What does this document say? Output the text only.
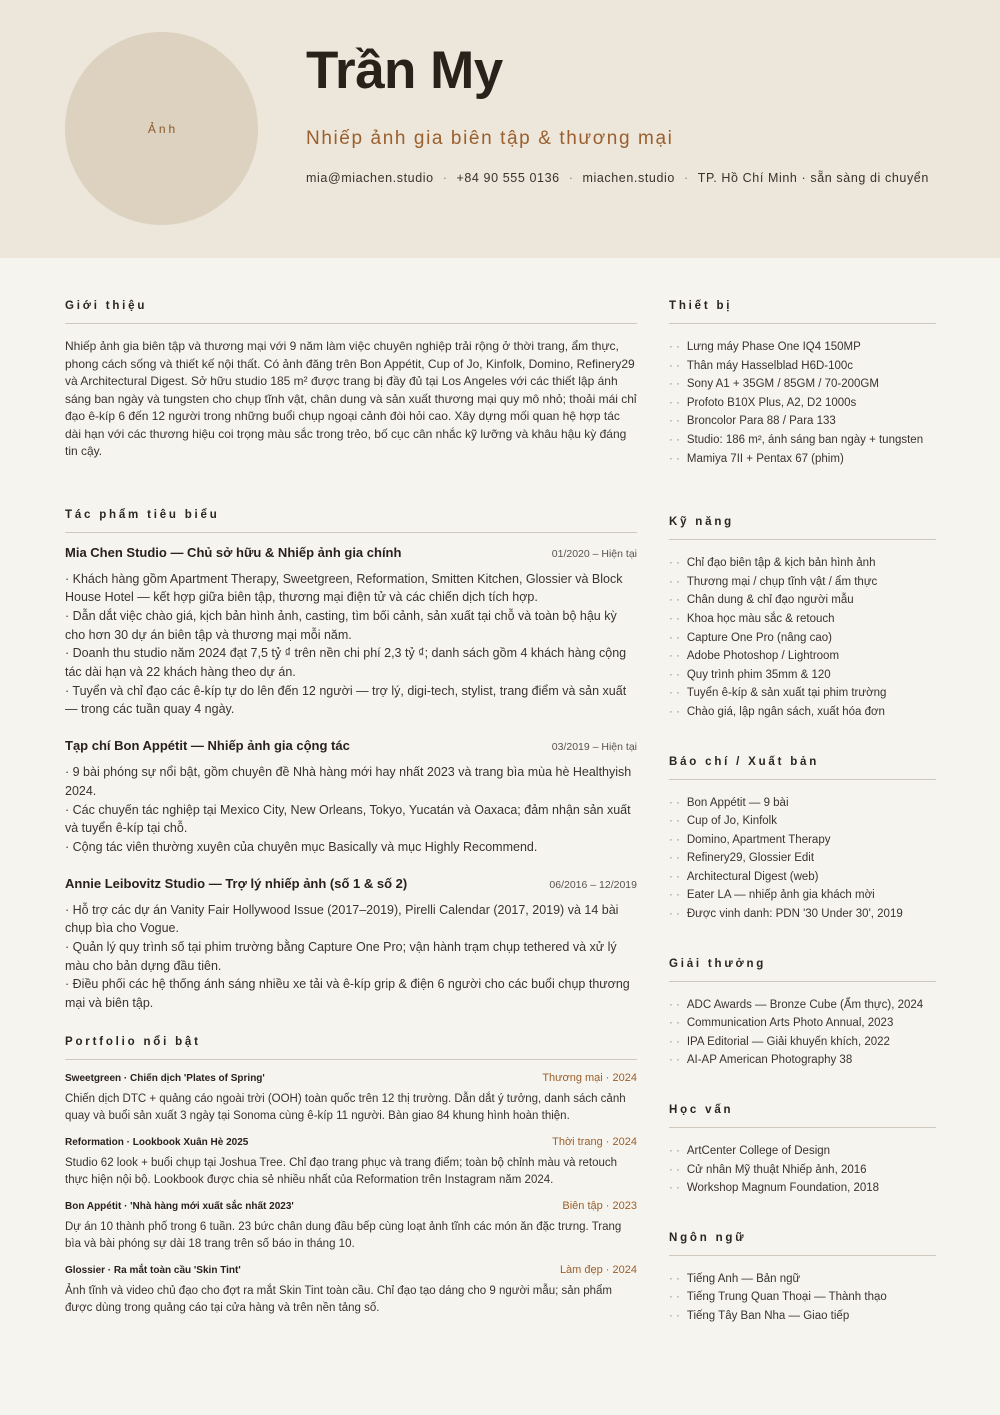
Ảnh
Trần My
Nhiếp ảnh gia biên tập & thương mại
mia@miachen.studio · +84 90 555 0136 · miachen.studio · TP. Hồ Chí Minh · sẵn sàng di chuyển
Giới thiệu

Nhiếp ảnh gia biên tập và thương mại với 9 năm làm việc chuyên nghiệp trải rộng ở thời trang, ẩm thực, phong cách sống và thiết kế nội thất. Có ảnh đăng trên Bon Appétit, Cup of Jo, Kinfolk, Domino, Refinery29 và Architectural Digest. Sở hữu studio 185 m² được trang bị đầy đủ tại Los Angeles với các thiết lập ánh sáng ban ngày và tungsten cho chụp tĩnh vật, chân dung và sản xuất thương mại quy mô nhỏ; thoải mái chỉ đạo ê-kíp 6 đến 12 người trong những buổi chụp ngoại cảnh đòi hỏi cao. Xây dựng mối quan hệ hợp tác dài hạn với các thương hiệu coi trọng màu sắc trong trẻo, bố cục cân nhắc kỹ lưỡng và khâu hậu kỳ đáng tin cậy.

Tác phẩm tiêu biểu
Mia Chen Studio — Chủ sở hữu & Nhiếp ảnh gia chính	01/2020 – Hiện tại
· Khách hàng gồm Apartment Therapy, Sweetgreen, Reformation, Smitten Kitchen, Glossier và Block House Hotel — kết hợp giữa biên tập, thương mại điện tử và các chiến dịch tích hợp.
· Dẫn dắt việc chào giá, kịch bản hình ảnh, casting, tìm bối cảnh, sản xuất tại chỗ và toàn bộ hậu kỳ cho hơn 30 dự án biên tập và thương mại mỗi năm.
· Doanh thu studio năm 2024 đạt 7,5 tỷ ₫ trên nền chi phí 2,3 tỷ ₫; danh sách gồm 4 khách hàng cộng tác dài hạn và 22 khách hàng theo dự án.
· Tuyển và chỉ đạo các ê-kíp tự do lên đến 12 người — trợ lý, digi-tech, stylist, trang điểm và sản xuất — trong các tuần quay 4 ngày.
Tạp chí Bon Appétit — Nhiếp ảnh gia cộng tác	03/2019 – Hiện tại
· 9 bài phóng sự nổi bật, gồm chuyên đề Nhà hàng mới hay nhất 2023 và trang bìa mùa hè Healthyish 2024.
· Các chuyến tác nghiệp tại Mexico City, New Orleans, Tokyo, Yucatán và Oaxaca; đảm nhận sản xuất và tuyển ê-kíp tại chỗ.
· Cộng tác viên thường xuyên của chuyên mục Basically và mục Highly Recommend.
Annie Leibovitz Studio — Trợ lý nhiếp ảnh (số 1 & số 2)	06/2016 – 12/2019
· Hỗ trợ các dự án Vanity Fair Hollywood Issue (2017–2019), Pirelli Calendar (2017, 2019) và 14 bài chụp bìa cho Vogue.
· Quản lý quy trình số tại phim trường bằng Capture One Pro; vận hành trạm chụp tethered và xử lý màu cho bản dựng đầu tiên.
· Điều phối các hệ thống ánh sáng nhiều xe tải và ê-kíp grip & điện 6 người cho các buổi chụp thương mại và biên tập.
Portfolio nổi bật
Sweetgreen · Chiến dịch 'Plates of Spring'	Thương mại · 2024

Chiến dịch DTC + quảng cáo ngoài trời (OOH) toàn quốc trên 12 thị trường. Dẫn dắt ý tưởng, danh sách cảnh quay và buổi sản xuất 3 ngày tại Sonoma cùng ê-kíp 11 người. Bàn giao 84 khung hình hoàn thiện.

Reformation · Lookbook Xuân Hè 2025	Thời trang · 2024

Studio 62 look + buổi chụp tại Joshua Tree. Chỉ đạo trang phục và trang điểm; toàn bộ chỉnh màu và retouch thực hiện nội bộ. Lookbook được chia sẻ nhiều nhất của Reformation trên Instagram năm 2024.

Bon Appétit · 'Nhà hàng mới xuất sắc nhất 2023'	Biên tập · 2023

Dự án 10 thành phố trong 6 tuần. 23 bức chân dung đầu bếp cùng loạt ảnh tĩnh các món ăn đặc trưng. Trang bìa và bài phóng sự dài 18 trang trên số báo in tháng 10.

Glossier · Ra mắt toàn cầu 'Skin Tint'	Làm đẹp · 2024

Ảnh tĩnh và video chủ đạo cho đợt ra mắt Skin Tint toàn cầu. Chỉ đạo tạo dáng cho 9 người mẫu; sản phẩm được dùng trong quảng cáo tại cửa hàng và trên nền tảng số.

Thiết bị
· · Lưng máy Phase One IQ4 150MP
· · Thân máy Hasselblad H6D-100c
· · Sony A1 + 35GM / 85GM / 70-200GM
· · Profoto B10X Plus, A2, D2 1000s
· · Broncolor Para 88 / Para 133
· · Studio: 186 m², ánh sáng ban ngày + tungsten
· · Mamiya 7II + Pentax 67 (phim)
Kỹ năng
· · Chỉ đạo biên tập & kịch bản hình ảnh
· · Thương mại / chụp tĩnh vật / ẩm thực
· · Chân dung & chỉ đạo người mẫu
· · Khoa học màu sắc & retouch
· · Capture One Pro (nâng cao)
· · Adobe Photoshop / Lightroom
· · Quy trình phim 35mm & 120
· · Tuyển ê-kíp & sản xuất tại phim trường
· · Chào giá, lập ngân sách, xuất hóa đơn
Báo chí / Xuất bản
· · Bon Appétit — 9 bài
· · Cup of Jo, Kinfolk
· · Domino, Apartment Therapy
· · Refinery29, Glossier Edit
· · Architectural Digest (web)
· · Eater LA — nhiếp ảnh gia khách mời
· · Được vinh danh: PDN '30 Under 30', 2019
Giải thưởng
· · ADC Awards — Bronze Cube (Ẩm thực), 2024
· · Communication Arts Photo Annual, 2023
· · IPA Editorial — Giải khuyến khích, 2022
· · AI-AP American Photography 38
Học vấn
· · ArtCenter College of Design
· · Cử nhân Mỹ thuật Nhiếp ảnh, 2016
· · Workshop Magnum Foundation, 2018
Ngôn ngữ
· · Tiếng Anh — Bản ngữ
· · Tiếng Trung Quan Thoại — Thành thạo
· · Tiếng Tây Ban Nha — Giao tiếp
